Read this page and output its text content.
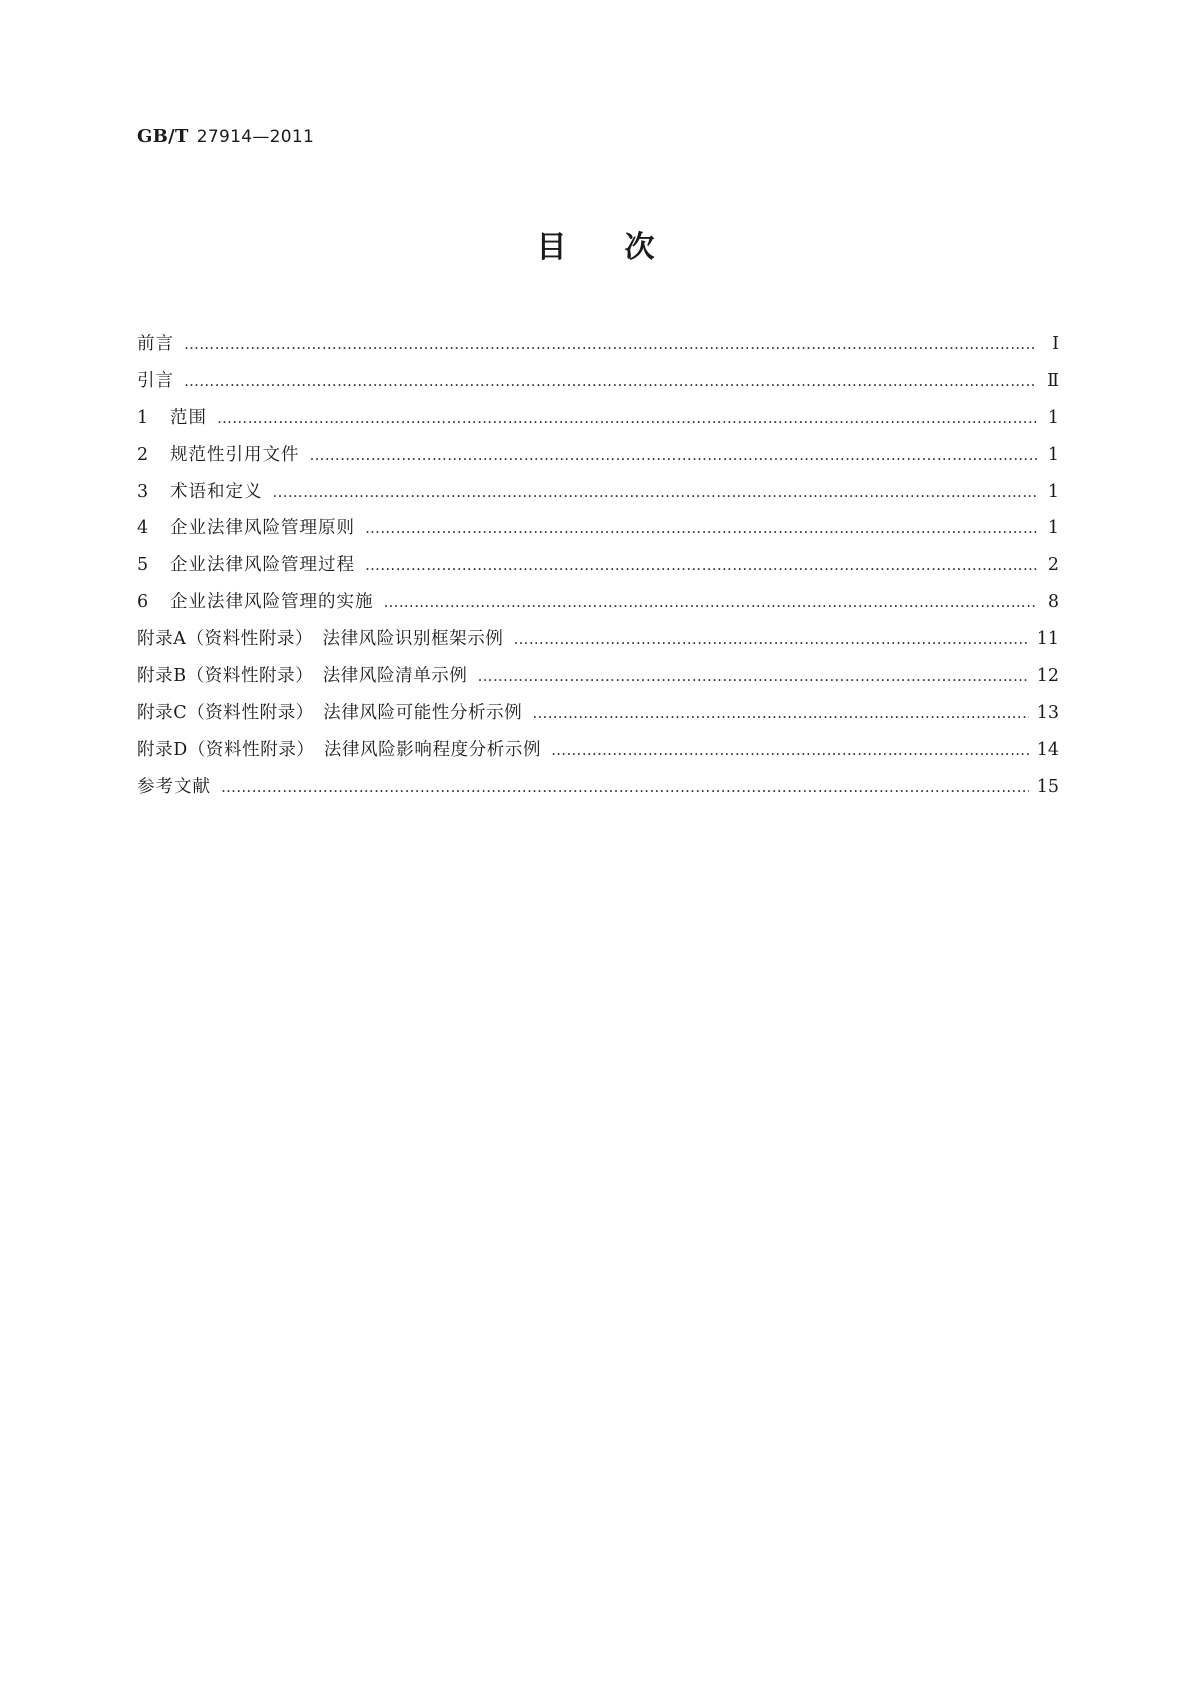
GB/T 27914—2011
目次
前言 ……………………………………………………………………………………………………………………………………………………………………………………………………………………………………	Ⅰ
引言 ……………………………………………………………………………………………………………………………………………………………………………………………………………………………………	Ⅱ
1	范围 ……………………………………………………………………………………………………………………………………………………………………………………………………………………………………	1
2	规范性引用文件 ……………………………………………………………………………………………………………………………………………………………………………………………………………………………………	1
3	术语和定义 ……………………………………………………………………………………………………………………………………………………………………………………………………………………………………	1
4	企业法律风险管理原则 ……………………………………………………………………………………………………………………………………………………………………………………………………………………………………	1
5	企业法律风险管理过程 ……………………………………………………………………………………………………………………………………………………………………………………………………………………………………	2
6	企业法律风险管理的实施 ……………………………………………………………………………………………………………………………………………………………………………………………………………………………………	8
附录A（资料性附录）　法律风险识别框架示例 ……………………………………………………………………………………………………………………………………………………………………………………………………………………………………	11
附录B（资料性附录）　法律风险清单示例 ……………………………………………………………………………………………………………………………………………………………………………………………………………………………………	12
附录C（资料性附录）　法律风险可能性分析示例 ……………………………………………………………………………………………………………………………………………………………………………………………………………………………………	13
附录D（资料性附录）　法律风险影响程度分析示例 ……………………………………………………………………………………………………………………………………………………………………………………………………………………………………	14
参考文献 ……………………………………………………………………………………………………………………………………………………………………………………………………………………………………	15
